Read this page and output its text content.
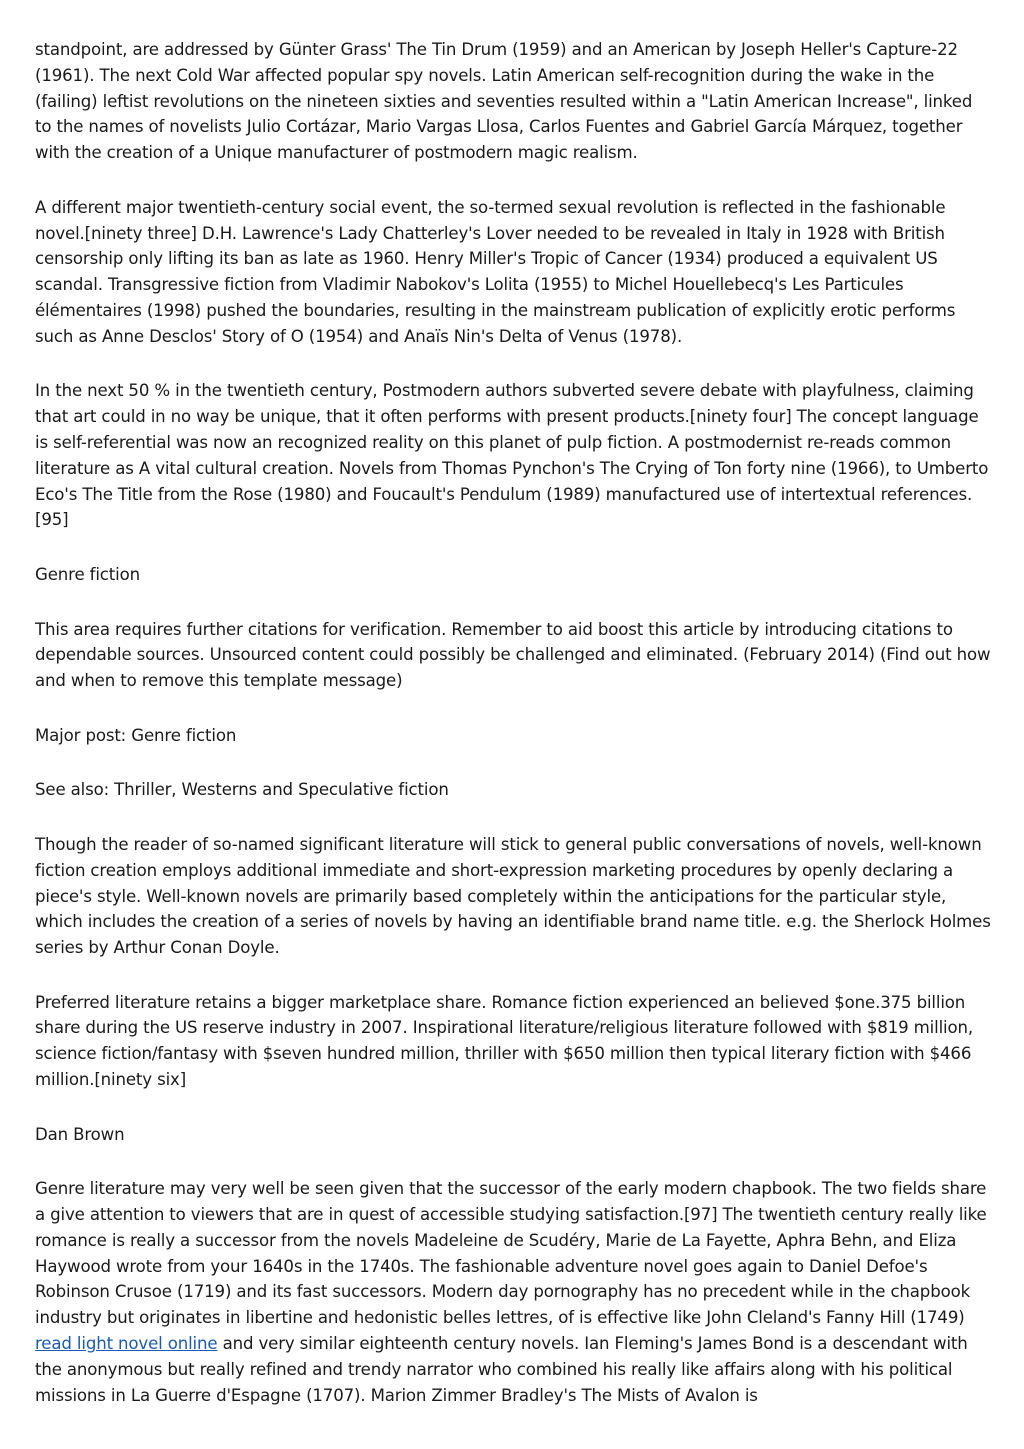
standpoint, are addressed by Günter Grass' The Tin Drum (1959) and an American by Joseph Heller's Capture-22 (1961). The next Cold War affected popular spy novels. Latin American self-recognition during the wake in the (failing) leftist revolutions on the nineteen sixties and seventies resulted within a "Latin American Increase", linked to the names of novelists Julio Cortázar, Mario Vargas Llosa, Carlos Fuentes and Gabriel García Márquez, together with the creation of a Unique manufacturer of postmodern magic realism.

A different major twentieth-century social event, the so-termed sexual revolution is reflected in the fashionable novel.[ninety three] D.H. Lawrence's Lady Chatterley's Lover needed to be revealed in Italy in 1928 with British censorship only lifting its ban as late as 1960. Henry Miller's Tropic of Cancer (1934) produced a equivalent US scandal. Transgressive fiction from Vladimir Nabokov's Lolita (1955) to Michel Houellebecq's Les Particules élémentaires (1998) pushed the boundaries, resulting in the mainstream publication of explicitly erotic performs such as Anne Desclos' Story of O (1954) and Anaïs Nin's Delta of Venus (1978).

In the next 50 % in the twentieth century, Postmodern authors subverted severe debate with playfulness, claiming that art could in no way be unique, that it often performs with present products.[ninety four] The concept language is self-referential was now an recognized reality on this planet of pulp fiction. A postmodernist re-reads common literature as A vital cultural creation. Novels from Thomas Pynchon's The Crying of Ton forty nine (1966), to Umberto Eco's The Title from the Rose (1980) and Foucault's Pendulum (1989) manufactured use of intertextual references.[95]

Genre fiction

This area requires further citations for verification. Remember to aid boost this article by introducing citations to dependable sources. Unsourced content could possibly be challenged and eliminated. (February 2014) (Find out how and when to remove this template message)

Major post: Genre fiction

See also: Thriller, Westerns and Speculative fiction

Though the reader of so-named significant literature will stick to general public conversations of novels, well-known fiction creation employs additional immediate and short-expression marketing procedures by openly declaring a piece's style. Well-known novels are primarily based completely within the anticipations for the particular style, which includes the creation of a series of novels by having an identifiable brand name title. e.g. the Sherlock Holmes series by Arthur Conan Doyle.

Preferred literature retains a bigger marketplace share. Romance fiction experienced an believed $one.375 billion share during the US reserve industry in 2007. Inspirational literature/religious literature followed with $819 million, science fiction/fantasy with $seven hundred million, thriller with $650 million then typical literary fiction with $466 million.[ninety six]

Dan Brown

Genre literature may very well be seen given that the successor of the early modern chapbook. The two fields share a give attention to viewers that are in quest of accessible studying satisfaction.[97] The twentieth century really like romance is really a successor from the novels Madeleine de Scudéry, Marie de La Fayette, Aphra Behn, and Eliza Haywood wrote from your 1640s in the 1740s. The fashionable adventure novel goes again to Daniel Defoe's Robinson Crusoe (1719) and its fast successors. Modern day pornography has no precedent while in the chapbook industry but originates in libertine and hedonistic belles lettres, of is effective like John Cleland's Fanny Hill (1749) read light novel online and very similar eighteenth century novels. Ian Fleming's James Bond is a descendant with the anonymous but really refined and trendy narrator who combined his really like affairs along with his political missions in La Guerre d'Espagne (1707). Marion Zimmer Bradley's The Mists of Avalon is
